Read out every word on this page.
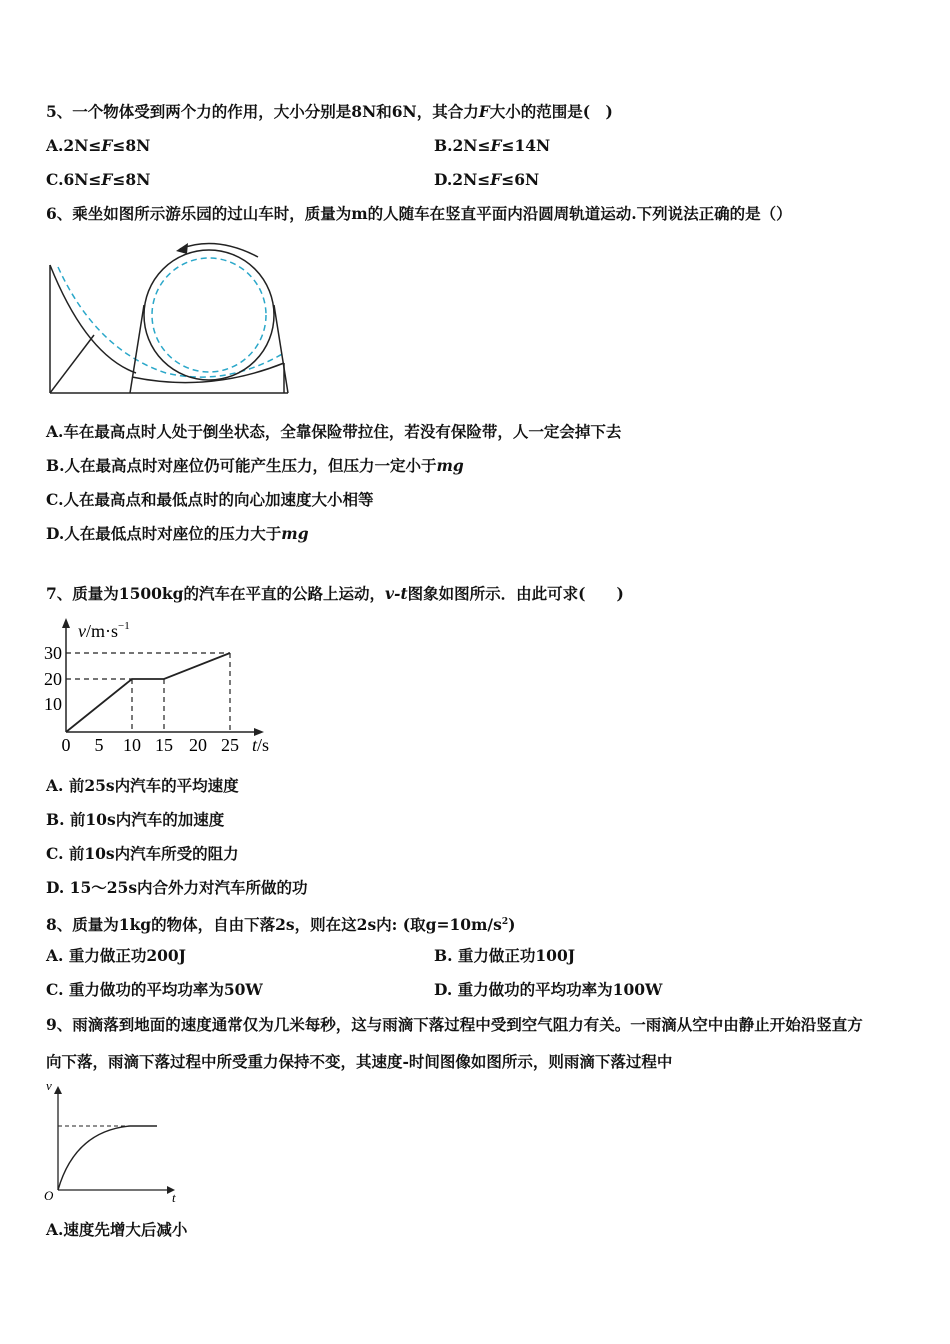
5、一个物体受到两个力的作用，大小分别是8N和6N，其合力F大小的范围是(　)
A.2N≤F≤8N	B.2N≤F≤14N
C.6N≤F≤8N	D.2N≤F≤6N
6、乘坐如图所示游乐园的过山车时，质量为m的人随车在竖直平面内沿圆周轨道运动.下列说法正确的是（）
A.车在最高点时人处于倒坐状态，全靠保险带拉住，若没有保险带，人一定会掉下去
B.人在最高点时对座位仍可能产生压力，但压力一定小于mg
C.人在最高点和最低点时的向心加速度大小相等
D.人在最低点时对座位的压力大于mg
7、质量为1500kg的汽车在平直的公路上运动，v-t图象如图所示．由此可求(　　)
$v/m\cdot s^{-1}$
t/s
10
20
30
0 5 10 15 20 25
A. 前25s内汽车的平均速度
B. 前10s内汽车的加速度
C. 前10s内汽车所受的阻力
D. 15～25s内合外力对汽车所做的功
8、质量为1kg的物体，自由下落2s，则在这2s内: (取$g=10m/s^2$)
A. 重力做正功200J	B. 重力做正功100J
C. 重力做功的平均功率为50W	D. 重力做功的平均功率为100W
9、雨滴落到地面的速度通常仅为几米每秒，这与雨滴下落过程中受到空气阻力有关。一雨滴从空中由静止开始沿竖直方
向下落，雨滴下落过程中所受重力保持不变，其速度-时间图像如图所示，则雨滴下落过程中
v
t
O
A.速度先增大后减小
